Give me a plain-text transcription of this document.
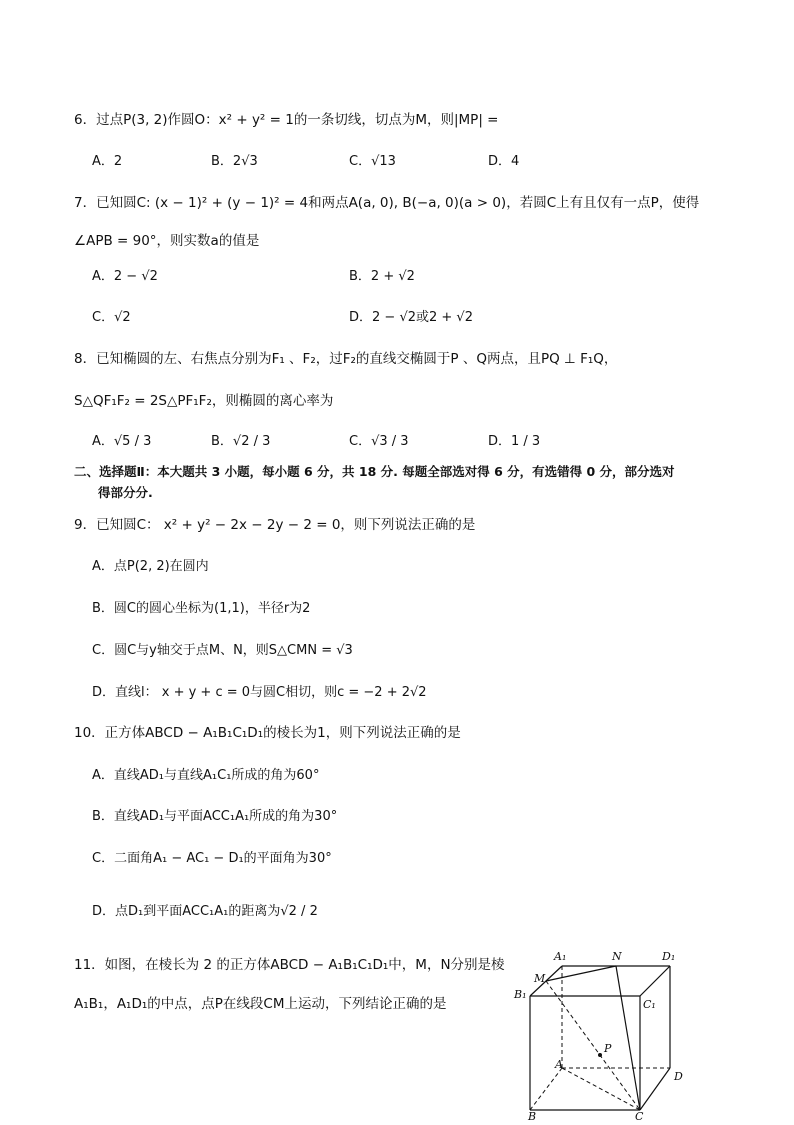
6．过点P(3, 2)作圆O：x² + y² = 1的一条切线，切点为M，则|MP| =
A．2	B．2√3	C．√13	D．4
7．已知圆C: (x − 1)² + (y − 1)² = 4和两点A(a, 0), B(−a, 0)(a > 0)，若圆C上有且仅有一点P，使得
∠APB = 90°，则实数a的值是
A．2 − √2	B．2 + √2
C．√2	D．2 − √2或2 + √2
8．已知椭圆的左、右焦点分别为F₁ 、F₂，过F₂的直线交椭圆于P 、Q两点，且PQ ⊥ F₁Q，
S△QF₁F₂ = 2S△PF₁F₂，则椭圆的离心率为
A．√5 / 3	B．√2 / 3	C．√3 / 3	D．1 / 3
二、选择题Ⅱ：本大题共 3 小题，每小题 6 分，共 18 分. 每题全部选对得 6 分，有选错得 0 分，部分选对
得部分分.
9．已知圆C： x² + y² − 2x − 2y − 2 = 0，则下列说法正确的是
A．点P(2, 2)在圆内
B．圆C的圆心坐标为(1,1)，半径r为2
C．圆C与y轴交于点M、N，则S△CMN = √3
D．直线l： x + y + c = 0与圆C相切，则c = −2 + 2√2
10．正方体ABCD − A₁B₁C₁D₁的棱长为1，则下列说法正确的是
A．直线AD₁与直线A₁C₁所成的角为60°
B．直线AD₁与平面ACC₁A₁所成的角为30°
C．二面角A₁ − AC₁ − D₁的平面角为30°
D．点D₁到平面ACC₁A₁的距离为√2 / 2
11．如图，在棱长为 2 的正方体ABCD − A₁B₁C₁D₁中，M，N分别是棱
A₁B₁，A₁D₁的中点，点P在线段CM上运动，下列结论正确的是
A₁	N	D₁
M
B₁
C₁
P
A
D
B	C
